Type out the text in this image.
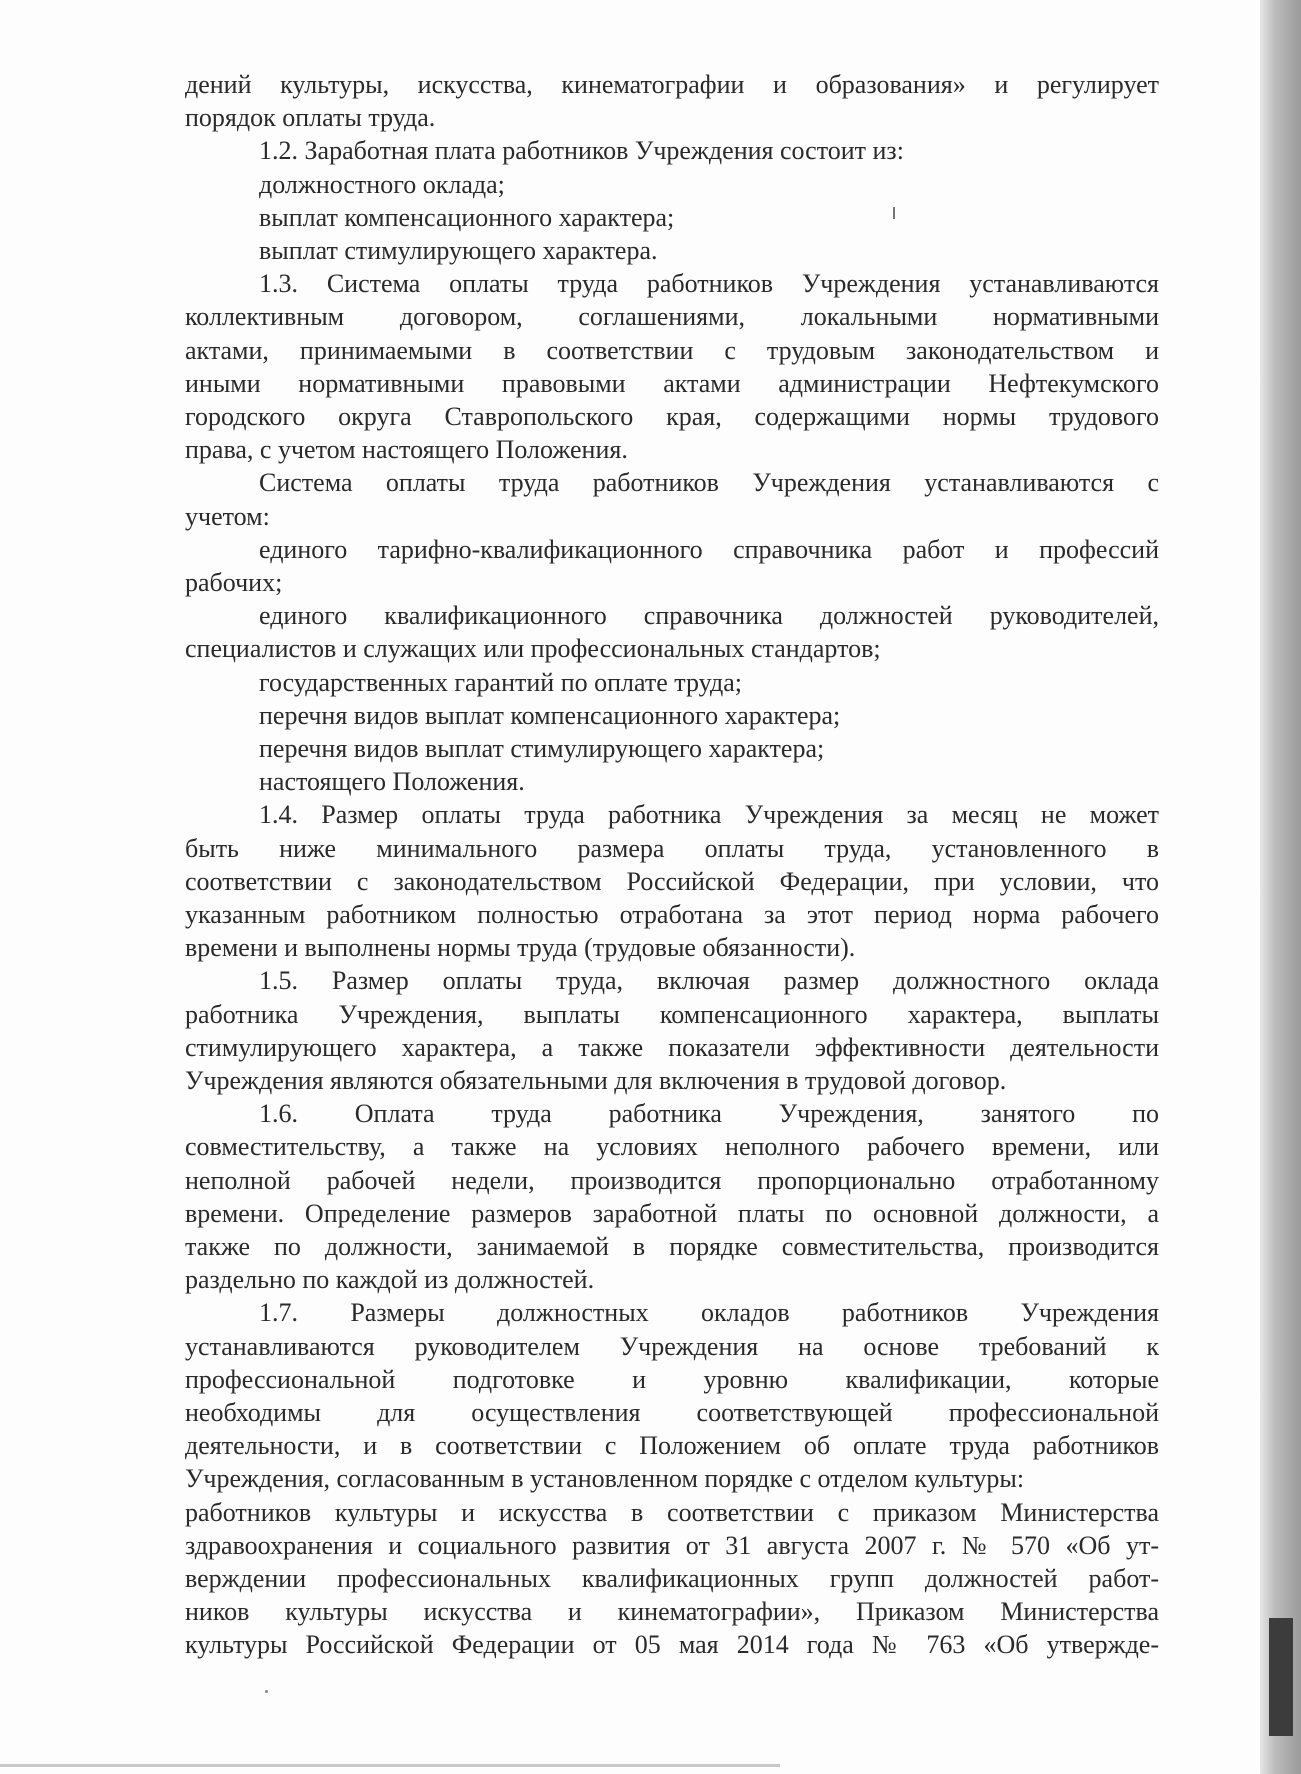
дений культуры, искусства, кинематографии и образования» и регулирует
порядок оплаты труда.
1.2. Заработная плата работников Учреждения состоит из:
должностного оклада;
выплат компенсационного характера;
выплат стимулирующего характера.
1.3. Система оплаты труда работников Учреждения устанавливаются
коллективным договором, соглашениями, локальными нормативными
актами, принимаемыми в соответствии с трудовым законодательством и
иными нормативными правовыми актами администрации Нефтекумского
городского округа Ставропольского края, содержащими нормы трудового
права, с учетом настоящего Положения.
Система оплаты труда работников Учреждения устанавливаются с
учетом:
единого тарифно-квалификационного справочника работ и профессий
рабочих;
единого квалификационного справочника должностей руководителей,
специалистов и служащих или профессиональных стандартов;
государственных гарантий по оплате труда;
перечня видов выплат компенсационного характера;
перечня видов выплат стимулирующего характера;
настоящего Положения.
1.4. Размер оплаты труда работника Учреждения за месяц не может
быть ниже минимального размера оплаты труда, установленного в
соответствии с законодательством Российской Федерации, при условии, что
указанным работником полностью отработана за этот период норма рабочего
времени и выполнены нормы труда (трудовые обязанности).
1.5. Размер оплаты труда, включая размер должностного оклада
работника Учреждения, выплаты компенсационного характера, выплаты
стимулирующего характера, а также показатели эффективности деятельности
Учреждения являются обязательными для включения в трудовой договор.
1.6. Оплата труда работника Учреждения, занятого по
совместительству, а также на условиях неполного рабочего времени, или
неполной рабочей недели, производится пропорционально отработанному
времени. Определение размеров заработной платы по основной должности, а
также по должности, занимаемой в порядке совместительства, производится
раздельно по каждой из должностей.
1.7. Размеры должностных окладов работников Учреждения
устанавливаются руководителем Учреждения на основе требований к
профессиональной подготовке и уровню квалификации, которые
необходимы для осуществления соответствующей профессиональной
деятельности, и в соответствии с Положением об оплате труда работников
Учреждения, согласованным в установленном порядке с отделом культуры:
работников культуры и искусства в соответствии с приказом Министерства
здравоохранения и социального развития от 31 августа 2007 г. № 570 «Об ут-
верждении профессиональных квалификационных групп должностей работ-
ников культуры искусства и кинематографии», Приказом Министерства
культуры Российской Федерации от 05 мая 2014 года № 763 «Об утвержде-
